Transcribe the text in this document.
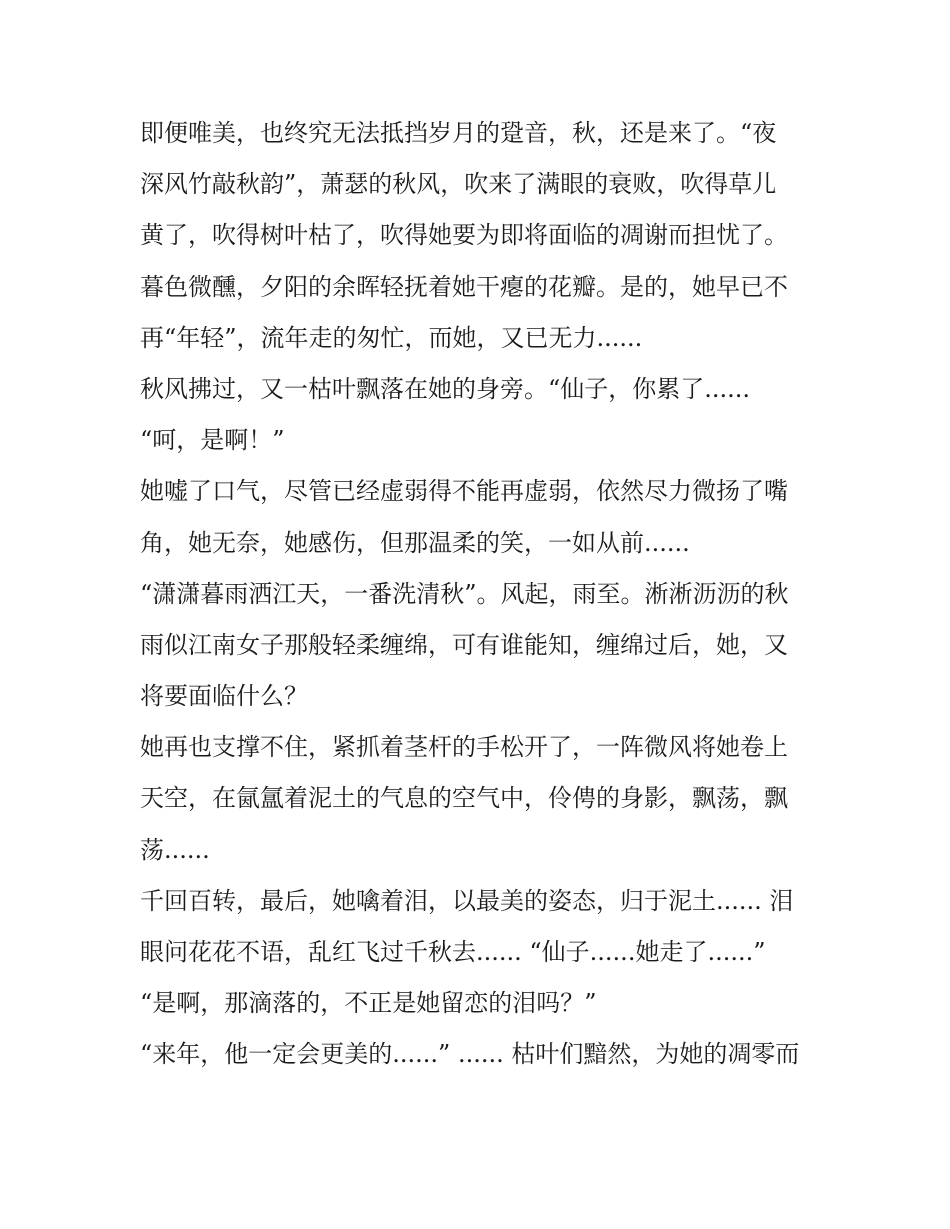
即便唯美，也终究无法抵挡岁月的跫音，秋，还是来了。“夜
深风竹敲秋韵”，萧瑟的秋风，吹来了满眼的衰败，吹得草儿
黄了，吹得树叶枯了，吹得她要为即将面临的凋谢而担忧了。
暮色微醺，夕阳的余晖轻抚着她干瘪的花瓣。是的，她早已不
再“年轻”，流年走的匆忙，而她，又已无力......
秋风拂过，又一枯叶飘落在她的身旁。“仙子，你累了......
“呵，是啊！”
她嘘了口气，尽管已经虚弱得不能再虚弱，依然尽力微扬了嘴
角，她无奈，她感伤，但那温柔的笑，一如从前......
“潇潇暮雨洒江天，一番洗清秋”。风起，雨至。淅淅沥沥的秋
雨似江南女子那般轻柔缠绵，可有谁能知，缠绵过后，她，又
将要面临什么？
她再也支撑不住，紧抓着茎杆的手松开了，一阵微风将她卷上
天空，在氤氲着泥土的气息的空气中，伶俜的身影，飘荡，飘
荡......
千回百转，最后，她噙着泪，以最美的姿态，归于泥土...... 泪
眼问花花不语，乱红飞过千秋去...... “仙子......她走了......”
“是啊，那滴落的，不正是她留恋的泪吗？”
“来年，他一定会更美的......” ...... 枯叶们黯然，为她的凋零而
